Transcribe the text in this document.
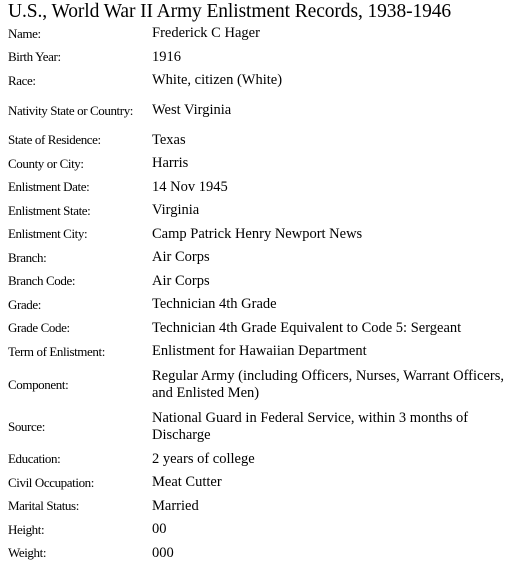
U.S., World War II Army Enlistment Records, 1938-1946
Name:	Frederick C Hager
Birth Year:	1916
Race:	White, citizen (White)
Nativity State or Country:	West Virginia
State of Residence:	Texas
County or City:	Harris
Enlistment Date:	14 Nov 1945
Enlistment State:	Virginia
Enlistment City:	Camp Patrick Henry Newport News
Branch:	Air Corps
Branch Code:	Air Corps
Grade:	Technician 4th Grade
Grade Code:	Technician 4th Grade Equivalent to Code 5: Sergeant
Term of Enlistment:	Enlistment for Hawaiian Department
Component:
Regular Army (including Officers, Nurses, Warrant Officers, and Enlisted Men)
Source:
National Guard in Federal Service, within 3 months of Discharge
Education:	2 years of college
Civil Occupation:	Meat Cutter
Marital Status:	Married
Height:	00
Weight:	000
